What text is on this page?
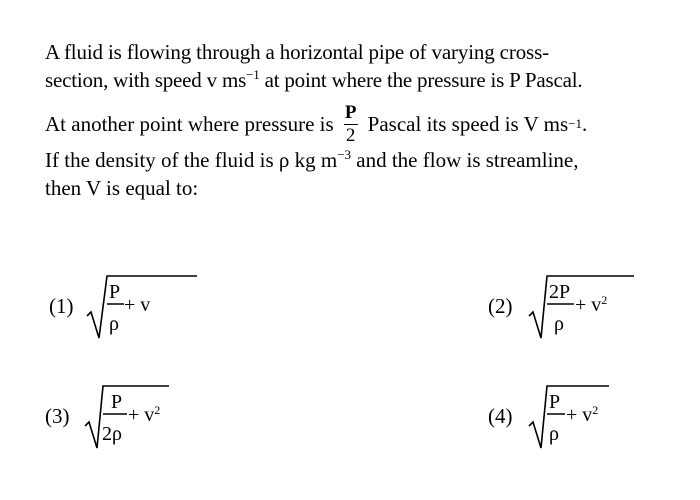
A fluid is flowing through a horizontal pipe of varying cross-
section, with speed v $ms^{-1}$ at point where the pressure is P Pascal.
At another point where pressure is $\frac{P}{2}$ Pascal its speed is V ms −1 .
If the density of the fluid is ρ kg $m^{-3}$ and the flow is streamline,
then V is equal to:
(1)
P
ρ
+ v	(2)
2P
ρ
+ $v^2$
(3)
P
2ρ
+ $v^2$	(4)
P
ρ
+ $v^2$
